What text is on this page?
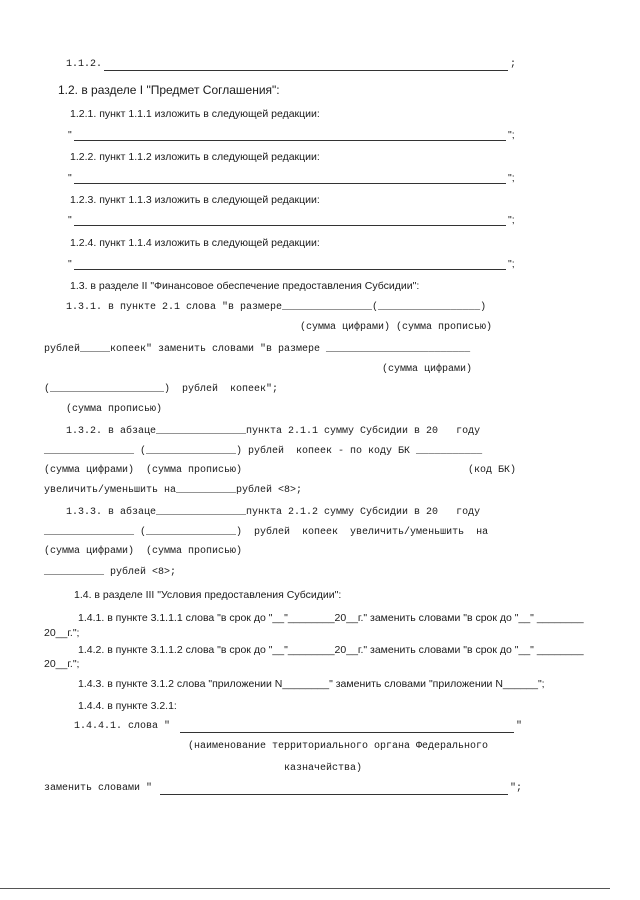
1.1.2.	;
1.2. в разделе I "Предмет Соглашения":
1.2.1. пункт 1.1.1 изложить в следующей редакции:
"	";
1.2.2. пункт 1.1.2 изложить в следующей редакции:
"	";
1.2.3. пункт 1.1.3 изложить в следующей редакции:
"	";
1.2.4. пункт 1.1.4 изложить в следующей редакции:
"	";
1.3. в разделе II "Финансовое обеспечение предоставления Субсидии":
1.3.1. в пункте 2.1 слова "в размере_______________(_________________)
(сумма цифрами) (сумма прописью)
рублей_____копеек" заменить словами "в размере ________________________
(сумма цифрами)
(___________________)  рублей  копеек";
(сумма прописью)
1.3.2. в абзаце_______________пункта 2.1.1 сумму Субсидии в 20   году
_______________ (_______________) рублей  копеек - по коду БК ___________
(сумма цифрами)  (сумма прописью)	(код БК)
увеличить/уменьшить на__________рублей <8>;
1.3.3. в абзаце_______________пункта 2.1.2 сумму Субсидии в 20   году
_______________ (_______________)  рублей  копеек  увеличить/уменьшить  на
(сумма цифрами)  (сумма прописью)
__________ рублей <8>;
1.4. в разделе III "Условия предоставления Субсидии":
1.4.1. в пункте 3.1.1.1 слова "в срок до "__"________20__г." заменить словами "в срок до "__" ________
20__г.";
1.4.2. в пункте 3.1.1.2 слова "в срок до "__"________20__г." заменить словами "в срок до "__" ________
20__г.";
1.4.3. в пункте 3.1.2 слова "приложении N________" заменить словами "приложении N______";
1.4.4. в пункте 3.2.1:
1.4.4.1. слова "	"
(наименование территориального органа Федерального
казначейства)
заменить словами "	";
